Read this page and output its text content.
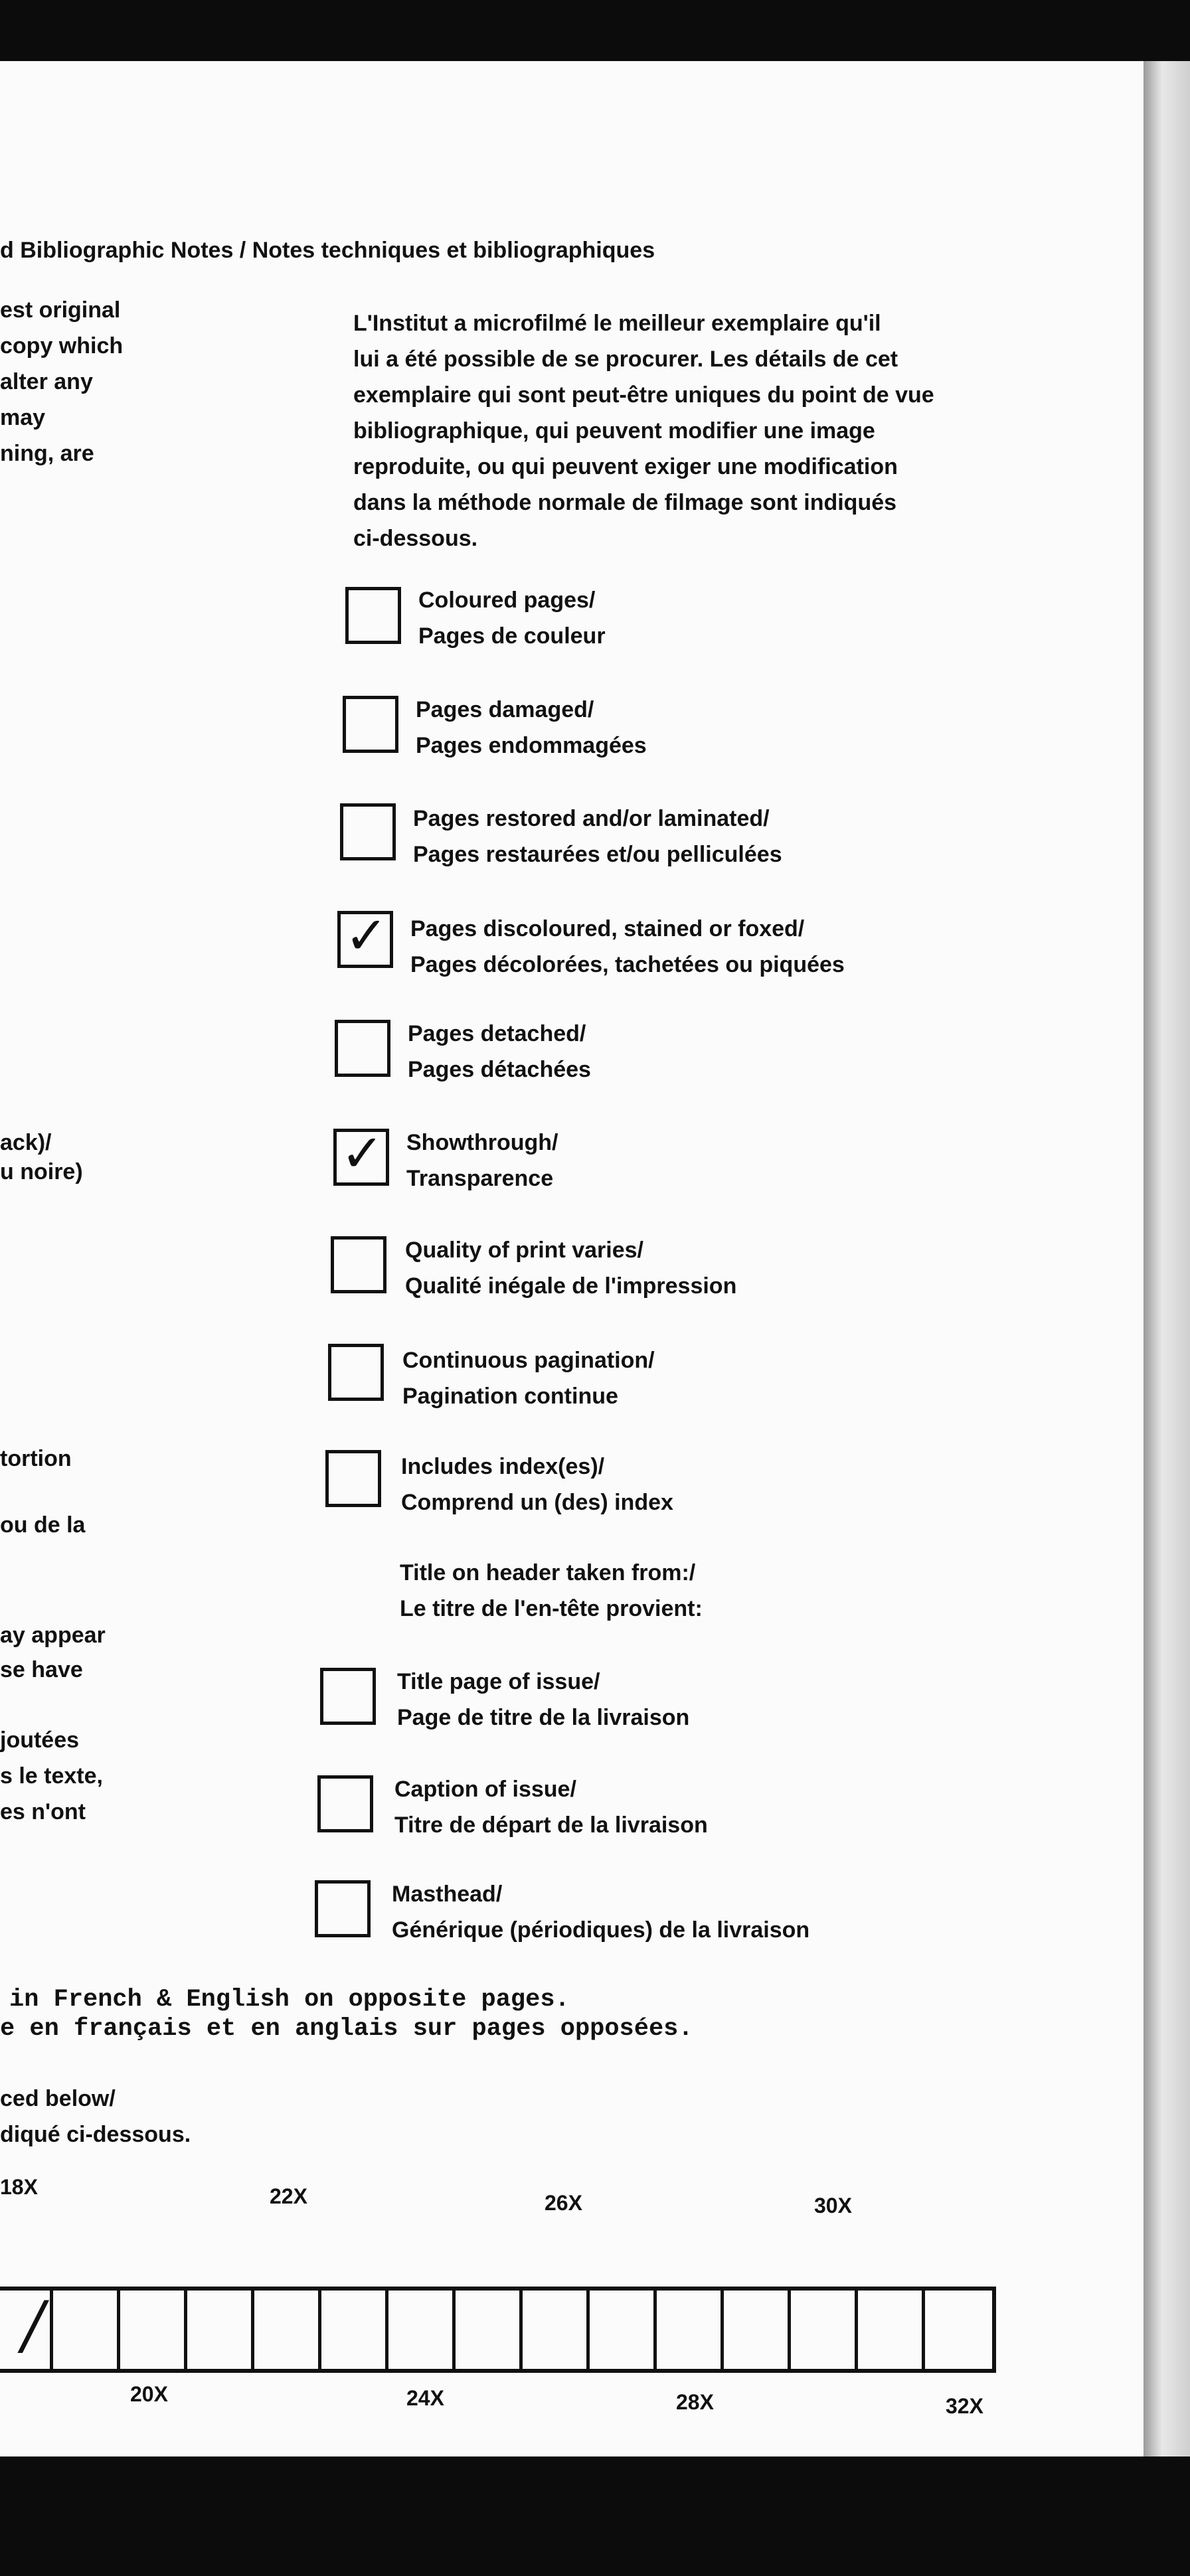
d Bibliographic Notes / Notes techniques et bibliographiques
est original
copy which
alter any
may
ning, are
ack)/
u noire)
tortion
ou de la
ay appear
se have
joutées
s le texte,
es n'ont
L'Institut a microfilmé le meilleur exemplaire qu'il
lui a été possible de se procurer. Les détails de cet
exemplaire qui sont peut-être uniques du point de vue
bibliographique, qui peuvent modifier une image
reproduite, ou qui peuvent exiger une modification
dans la méthode normale de filmage sont indiqués
ci-dessous.
Coloured pages/
Pages de couleur
Pages damaged/
Pages endommagées
Pages restored and/or laminated/
Pages restaurées et/ou pelliculées
✓ Pages discoloured, stained or foxed/
Pages décolorées, tachetées ou piquées
Pages detached/
Pages détachées
✓ Showthrough/
Transparence
Quality of print varies/
Qualité inégale de l'impression
Continuous pagination/
Pagination continue
Includes index(es)/
Comprend un (des) index
Title on header taken from:/
Le titre de l'en-tête provient:
Title page of issue/
Page de titre de la livraison
Caption of issue/
Titre de départ de la livraison
Masthead/
Générique (périodiques) de la livraison
in French & English on opposite pages.
e en français et en anglais sur pages opposées.
ced below/
diqué ci-dessous.
18X	22X	26X	30X
/
20X	24X	28X	32X
